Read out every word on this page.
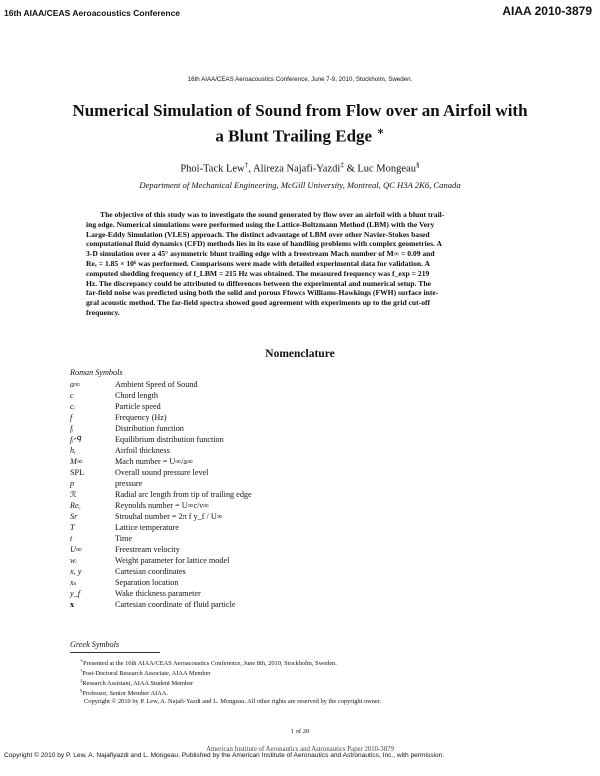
16th AIAA/CEAS Aeroacoustics Conference	AIAA 2010-3879
16th AIAA/CEAS Aeroacoustics Conference, June 7-9, 2010, Stockholm, Sweden.
Numerical Simulation of Sound from Flow over an Airfoil with
a Blunt Trailing Edge ∗
Phoi-Tack Lew†, Alireza Najafi-Yazdi‡ & Luc Mongeau§
Department of Mechanical Engineering, McGill University, Montreal, QC H3A 2K6, Canada
The objective of this study was to investigate the sound generated by flow over an airfoil with a blunt trail-
ing edge. Numerical simulations were performed using the Lattice-Boltzmann Method (LBM) with the Very
Large-Eddy Simulation (VLES) approach. The distinct advantage of LBM over other Navier-Stokes based
computational fluid dynamics (CFD) methods lies in its ease of handling problems with complex geometries. A
3-D simulation over a 45° asymmetric blunt trailing edge with a freestream Mach number of M∞ = 0.09 and
Reₑ = 1.85 × 10⁶ was performed. Comparisons were made with detailed experimental data for validation. A
computed shedding frequency of f_LBM = 215 Hz was obtained. The measured frequency was f_exp = 219
Hz. The discrepancy could be attributed to differences between the experimental and numerical setup. The
far-field noise was predicted using both the solid and porous Ffowcs Williams-Hawkings (FWH) surface inte-
gral acoustic method. The far-field spectra showed good agreement with experiments up to the grid cut-off
frequency.
Nomenclature
Roman Symbols
a∞	Ambient Speed of Sound
c	Chord length
cᵢ	Particle speed
f	Frequency (Hz)
fᵢ	Distribution function
fᵢᵉᑫ	Equilibrium distribution function
hₑ	Airfoil thickness
M∞	Mach number = U∞/a∞
SPL	Overall sound pressure level
p	pressure
ℛ	Radial arc length from tip of trailing edge
Reₑ	Reynolds number = U∞c/ν∞
Sr	Strouhal number = 2π f y_f / U∞
T	Lattice temperature
t	Time
U∞	Freestream velocity
wᵢ	Weight parameter for lattice model
x, y	Cartesian coordinates
xₛ	Separation location
y_f	Wake thickness parameter
x	Cartesian coordinate of fluid particle
Greek Symbols
∗Presented at the 16th AIAA/CEAS Aeroacoustics Conference, June 8th, 2010, Stockholm, Sweden.
†Post-Doctoral Research Associate, AIAA Member
‡Research Assistant, AIAA Student Member
§Professor, Senior Member AIAA.
Copyright © 2010 by P. Lew, A. Najafi-Yazdi and L. Mongeau. All other rights are reserved by the copyright owner.
1 of 20
American Institute of Aeronautics and Astronautics Paper 2010-3879
Copyright © 2010 by P. Lew, A. Najafiyazdi and L. Mongeau. Published by the American Institute of Aeronautics and Astronautics, Inc., with permission.
